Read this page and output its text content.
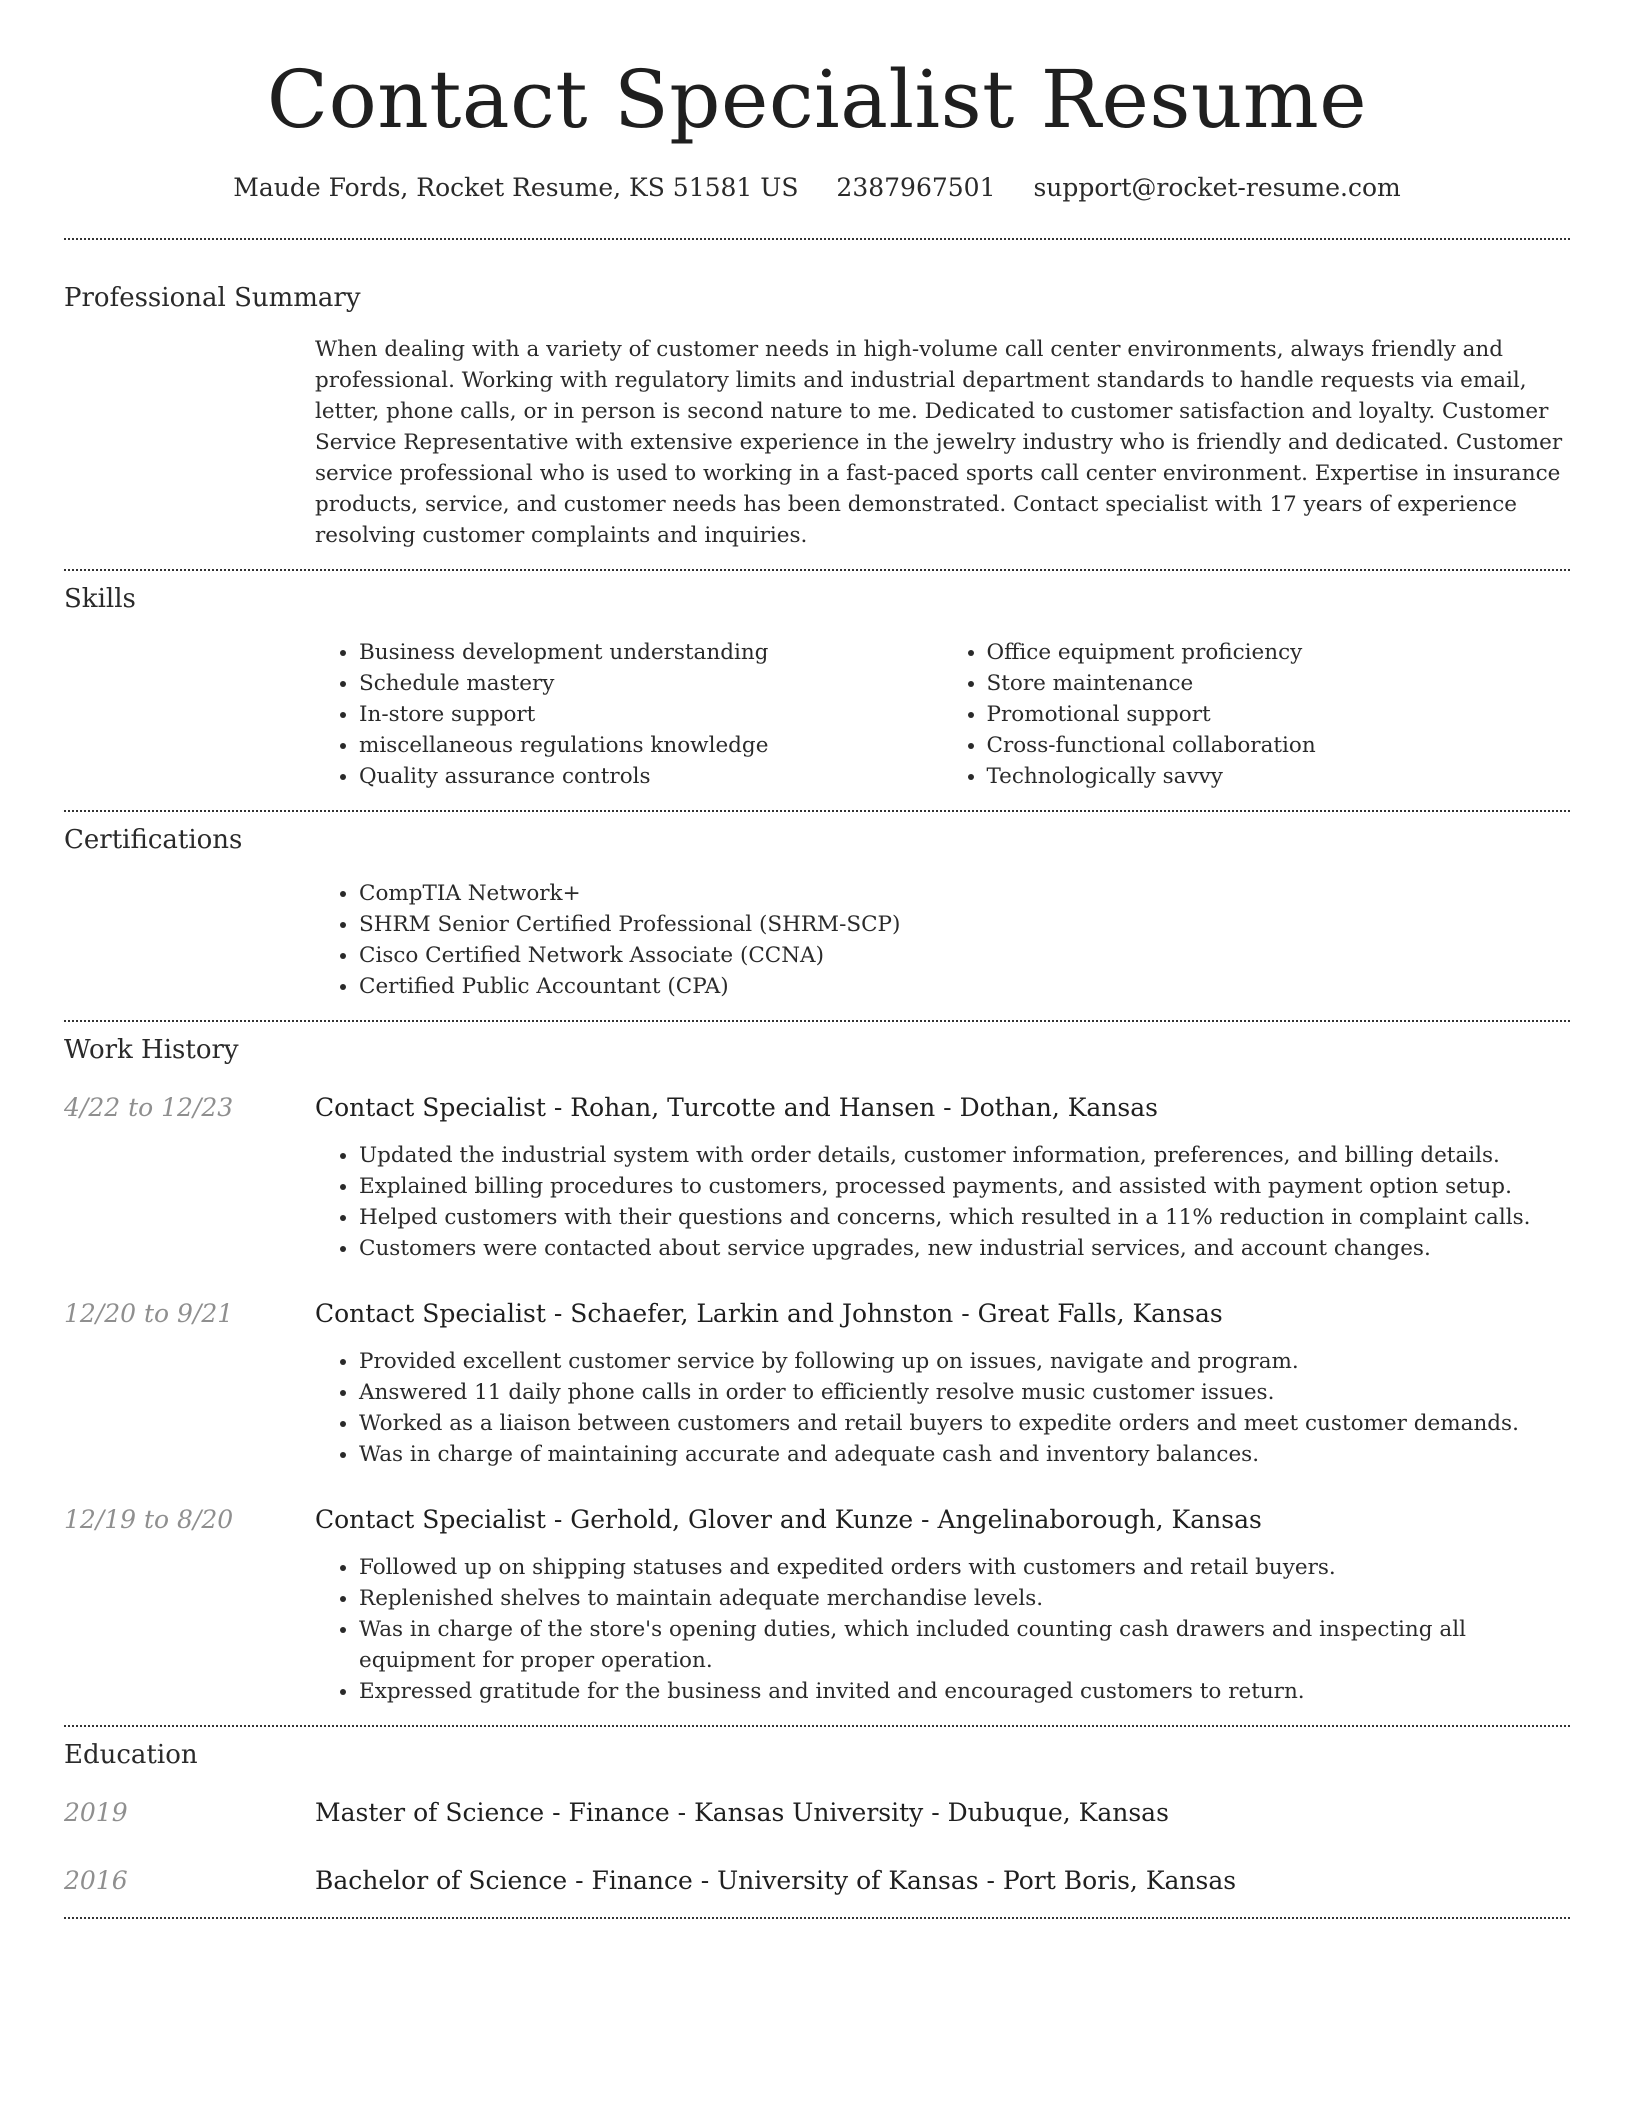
Contact Specialist Resume
Maude Fords, Rocket Resume, KS 51581 US 2387967501 support@rocket-resume.com
Professional Summary

When dealing with a variety of customer needs in high-volume call center environments, always friendly and professional. Working with regulatory limits and industrial department standards to handle requests via email, letter, phone calls, or in person is second nature to me. Dedicated to customer satisfaction and loyalty. Customer Service Representative with extensive experience in the jewelry industry who is friendly and dedicated. Customer service professional who is used to working in a fast-paced sports call center environment. Expertise in insurance products, service, and customer needs has been demonstrated. Contact specialist with 17 years of experience resolving customer complaints and inquiries.

Skills
• Business development understanding
• Schedule mastery
• In-store support
• miscellaneous regulations knowledge
• Quality assurance controls
• Office equipment proficiency
• Store maintenance
• Promotional support
• Cross-functional collaboration
• Technologically savvy
Certifications
• CompTIA Network+
• SHRM Senior Certified Professional (SHRM-SCP)
• Cisco Certified Network Associate (CCNA)
• Certified Public Accountant (CPA)
Work History
4/22 to 12/23	Contact Specialist - Rohan, Turcotte and Hansen - Dothan, Kansas
• Updated the industrial system with order details, customer information, preferences, and billing details.
• Explained billing procedures to customers, processed payments, and assisted with payment option setup.
• Helped customers with their questions and concerns, which resulted in a 11% reduction in complaint calls.
• Customers were contacted about service upgrades, new industrial services, and account changes.
12/20 to 9/21	Contact Specialist - Schaefer, Larkin and Johnston - Great Falls, Kansas
• Provided excellent customer service by following up on issues, navigate and program.
• Answered 11 daily phone calls in order to efficiently resolve music customer issues.
• Worked as a liaison between customers and retail buyers to expedite orders and meet customer demands.
• Was in charge of maintaining accurate and adequate cash and inventory balances.
12/19 to 8/20	Contact Specialist - Gerhold, Glover and Kunze - Angelinaborough, Kansas
• Followed up on shipping statuses and expedited orders with customers and retail buyers.
• Replenished shelves to maintain adequate merchandise levels.
• Was in charge of the store's opening duties, which included counting cash drawers and inspecting all equipment for proper operation.
• Expressed gratitude for the business and invited and encouraged customers to return.
Education
2019	Master of Science - Finance - Kansas University - Dubuque, Kansas
2016	Bachelor of Science - Finance - University of Kansas - Port Boris, Kansas
